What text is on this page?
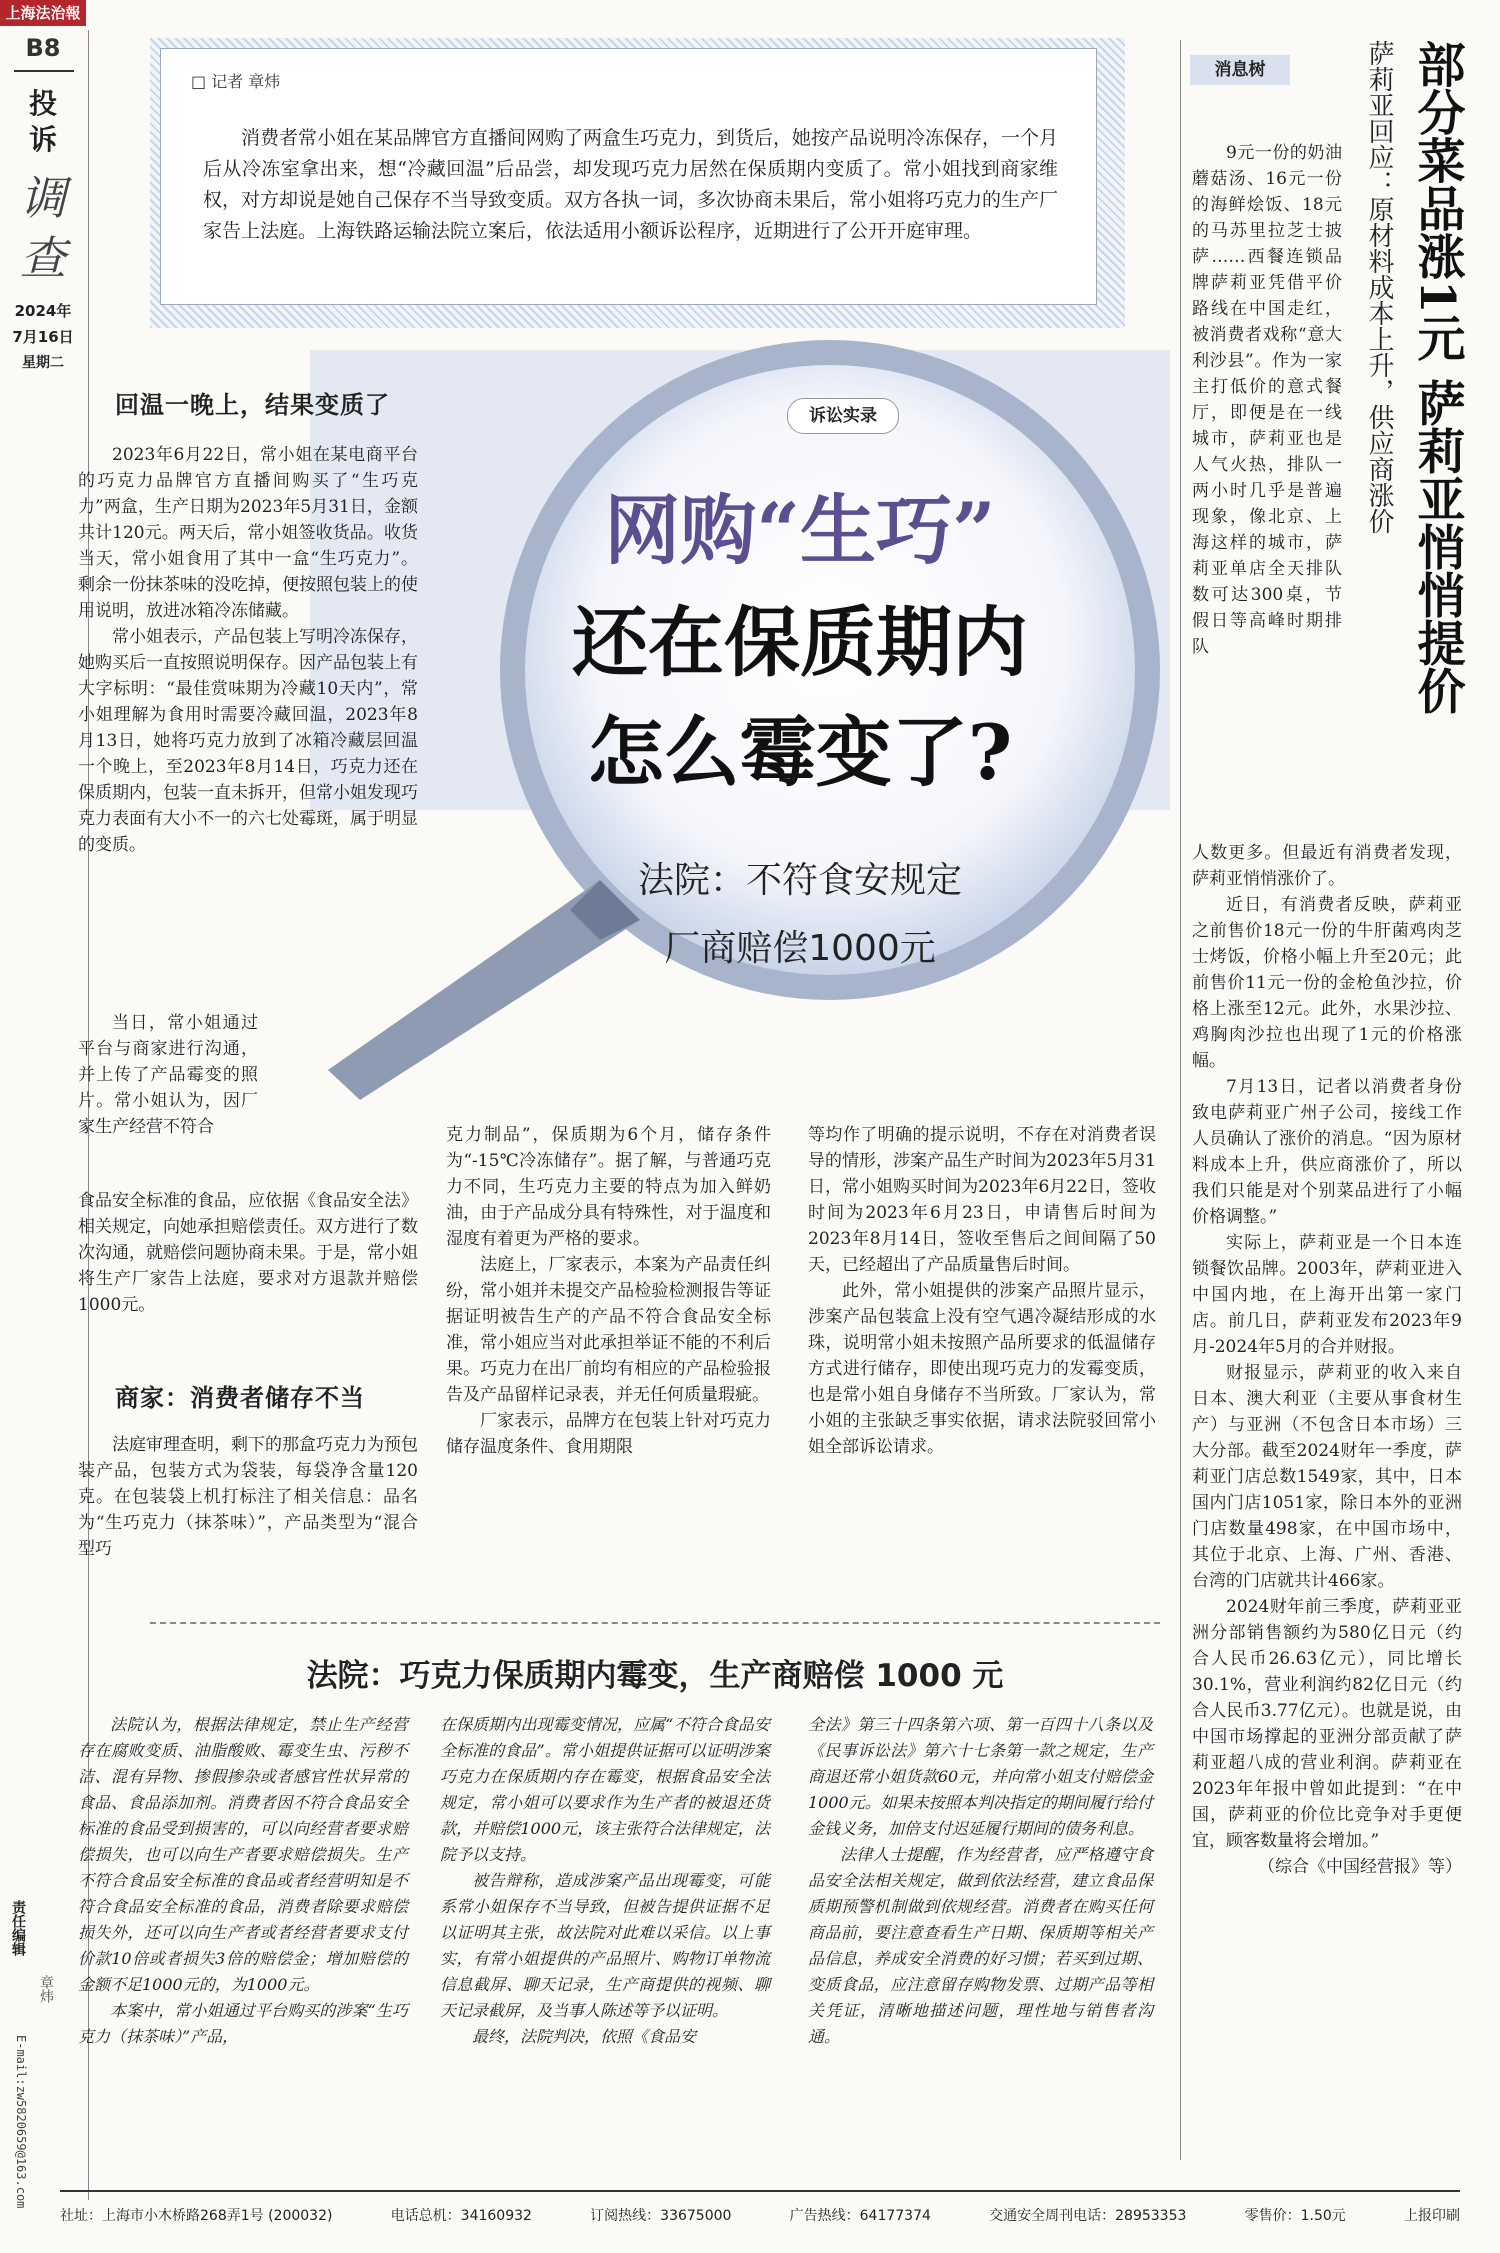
上海法治報
B8
投
诉
调
查
2024年
7月16日
星期二
□ 记者 章炜
消费者常小姐在某品牌官方直播间网购了两盒生巧克力，到货后，她按产品说明冷冻保存，一个月后从冷冻室拿出来，想“冷藏回温”后品尝，却发现巧克力居然在保质期内变质了。常小姐找到商家维权，对方却说是她自己保存不当导致变质。双方各执一词，多次协商未果后，常小姐将巧克力的生产厂家告上法庭。上海铁路运输法院立案后，依法适用小额诉讼程序，近期进行了公开开庭审理。
诉讼实录
网购“生巧”
还在保质期内
怎么霉变了?
法院：不符食安规定
厂商赔偿1000元
回温一晚上，结果变质了

2023年6月22日，常小姐在某电商平台的巧克力品牌官方直播间购买了“生巧克力”两盒，生产日期为2023年5月31日，金额共计120元。两天后，常小姐签收货品。收货当天，常小姐食用了其中一盒“生巧克力”。剩余一份抹茶味的没吃掉，便按照包装上的使用说明，放进冰箱冷冻储藏。

常小姐表示，产品包装上写明冷冻保存，她购买后一直按照说明保存。因产品包装上有大字标明：“最佳赏味期为冷藏10天内”，常小姐理解为食用时需要冷藏回温，2023年8月13日，她将巧克力放到了冰箱冷藏层回温一个晚上，至2023年8月14日，巧克力还在保质期内，包装一直未拆开，但常小姐发现巧克力表面有大小不一的六七处霉斑，属于明显的变质。

当日，常小姐通过平台与商家进行沟通，并上传了产品霉变的照片。常小姐认为，因厂家生产经营不符合

食品安全标准的食品，应依据《食品安全法》相关规定，向她承担赔偿责任。双方进行了数次沟通，就赔偿问题协商未果。于是，常小姐将生产厂家告上法庭，要求对方退款并赔偿1000元。

商家：消费者储存不当

法庭审理查明，剩下的那盒巧克力为预包装产品，包装方式为袋装，每袋净含量120克。在包装袋上机打标注了相关信息：品名为“生巧克力（抹茶味）”，产品类型为“混合型巧

克力制品”，保质期为6个月，储存条件为“-15℃冷冻储存”。据了解，与普通巧克力不同，生巧克力主要的特点为加入鲜奶油，由于产品成分具有特殊性，对于温度和湿度有着更为严格的要求。

法庭上，厂家表示，本案为产品责任纠纷，常小姐并未提交产品检验检测报告等证据证明被告生产的产品不符合食品安全标准，常小姐应当对此承担举证不能的不利后果。巧克力在出厂前均有相应的产品检验报告及产品留样记录表，并无任何质量瑕疵。

厂家表示，品牌方在包装上针对巧克力储存温度条件、食用期限

等均作了明确的提示说明，不存在对消费者误导的情形，涉案产品生产时间为2023年5月31日，常小姐购买时间为2023年6月22日，签收时间为2023年6月23日，申请售后时间为2023年8月14日，签收至售后之间间隔了50天，已经超出了产品质量售后时间。

此外，常小姐提供的涉案产品照片显示，涉案产品包装盒上没有空气遇冷凝结形成的水珠，说明常小姐未按照产品所要求的低温储存方式进行储存，即使出现巧克力的发霉变质，也是常小姐自身储存不当所致。厂家认为，常小姐的主张缺乏事实依据，请求法院驳回常小姐全部诉讼请求。

法院：巧克力保质期内霉变，生产商赔偿 1000 元

法院认为，根据法律规定，禁止生产经营存在腐败变质、油脂酸败、霉变生虫、污秽不洁、混有异物、掺假掺杂或者感官性状异常的食品、食品添加剂。消费者因不符合食品安全标准的食品受到损害的，可以向经营者要求赔偿损失，也可以向生产者要求赔偿损失。生产不符合食品安全标准的食品或者经营明知是不符合食品安全标准的食品，消费者除要求赔偿损失外，还可以向生产者或者经营者要求支付价款10倍或者损失3倍的赔偿金；增加赔偿的金额不足1000元的，为1000元。

本案中，常小姐通过平台购买的涉案“生巧克力（抹茶味）”产品，

在保质期内出现霉变情况，应属“不符合食品安全标准的食品”。常小姐提供证据可以证明涉案巧克力在保质期内存在霉变，根据食品安全法规定，常小姐可以要求作为生产者的被退还货款，并赔偿1000元，该主张符合法律规定，法院予以支持。

被告辩称，造成涉案产品出现霉变，可能系常小姐保存不当导致，但被告提供证据不足以证明其主张，故法院对此难以采信。以上事实，有常小姐提供的产品照片、购物订单物流信息截屏、聊天记录，生产商提供的视频、聊天记录截屏，及当事人陈述等予以证明。

最终，法院判决，依照《食品安

全法》第三十四条第六项、第一百四十八条以及《民事诉讼法》第六十七条第一款之规定，生产商退还常小姐货款60元，并向常小姐支付赔偿金1000元。如果未按照本判决指定的期间履行给付金钱义务，加倍支付迟延履行期间的债务利息。

法律人士提醒，作为经营者，应严格遵守食品安全法相关规定，做到依法经营，建立食品保质期预警机制做到依规经营。消费者在购买任何商品前，要注意查看生产日期、保质期等相关产品信息，养成安全消费的好习惯；若买到过期、变质食品，应注意留存购物发票、过期产品等相关凭证，清晰地描述问题，理性地与销售者沟通。

消息树	部分菜品涨1元 萨莉亚悄悄提价
萨莉亚回应：原材料成本上升，供应商涨价

9元一份的奶油蘑菇汤、16元一份的海鲜烩饭、18元的马苏里拉芝士披萨……西餐连锁品牌萨莉亚凭借平价路线在中国走红，被消费者戏称“意大利沙县”。作为一家主打低价的意式餐厅，即便是在一线城市，萨莉亚也是人气火热，排队一两小时几乎是普遍现象，像北京、上海这样的城市，萨莉亚单店全天排队数可达300桌，节假日等高峰时期排队

人数更多。但最近有消费者发现，萨莉亚悄悄涨价了。

近日，有消费者反映，萨莉亚之前售价18元一份的牛肝菌鸡肉芝士烤饭，价格小幅上升至20元；此前售价11元一份的金枪鱼沙拉，价格上涨至12元。此外，水果沙拉、鸡胸肉沙拉也出现了1元的价格涨幅。

7月13日，记者以消费者身份致电萨莉亚广州子公司，接线工作人员确认了涨价的消息。“因为原材料成本上升，供应商涨价了，所以我们只能是对个别菜品进行了小幅价格调整。”

实际上，萨莉亚是一个日本连锁餐饮品牌。2003年，萨莉亚进入中国内地，在上海开出第一家门店。前几日，萨莉亚发布2023年9月-2024年5月的合并财报。

财报显示，萨莉亚的收入来自日本、澳大利亚（主要从事食材生产）与亚洲（不包含日本市场）三大分部。截至2024财年一季度，萨莉亚门店总数1549家，其中，日本国内门店1051家，除日本外的亚洲门店数量498家，在中国市场中，其位于北京、上海、广州、香港、台湾的门店就共计466家。

2024财年前三季度，萨莉亚亚洲分部销售额约为580亿日元（约合人民币26.63亿元），同比增长30.1%，营业利润约82亿日元（约合人民币3.77亿元）。也就是说，由中国市场撑起的亚洲分部贡献了萨莉亚超八成的营业利润。萨莉亚在2023年年报中曾如此提到：“在中国，萨莉亚的价位比竞争对手更便宜，顾客数量将会增加。”

（综合《中国经营报》等）

责任编辑
章炜
E-mail:zw5820659@163.com
社址：上海市小木桥路268弄1号 (200032)	电话总机：34160932	订阅热线：33675000	广告热线：64177374	交通安全周刊电话：28953353	零售价：1.50元	上报印刷
